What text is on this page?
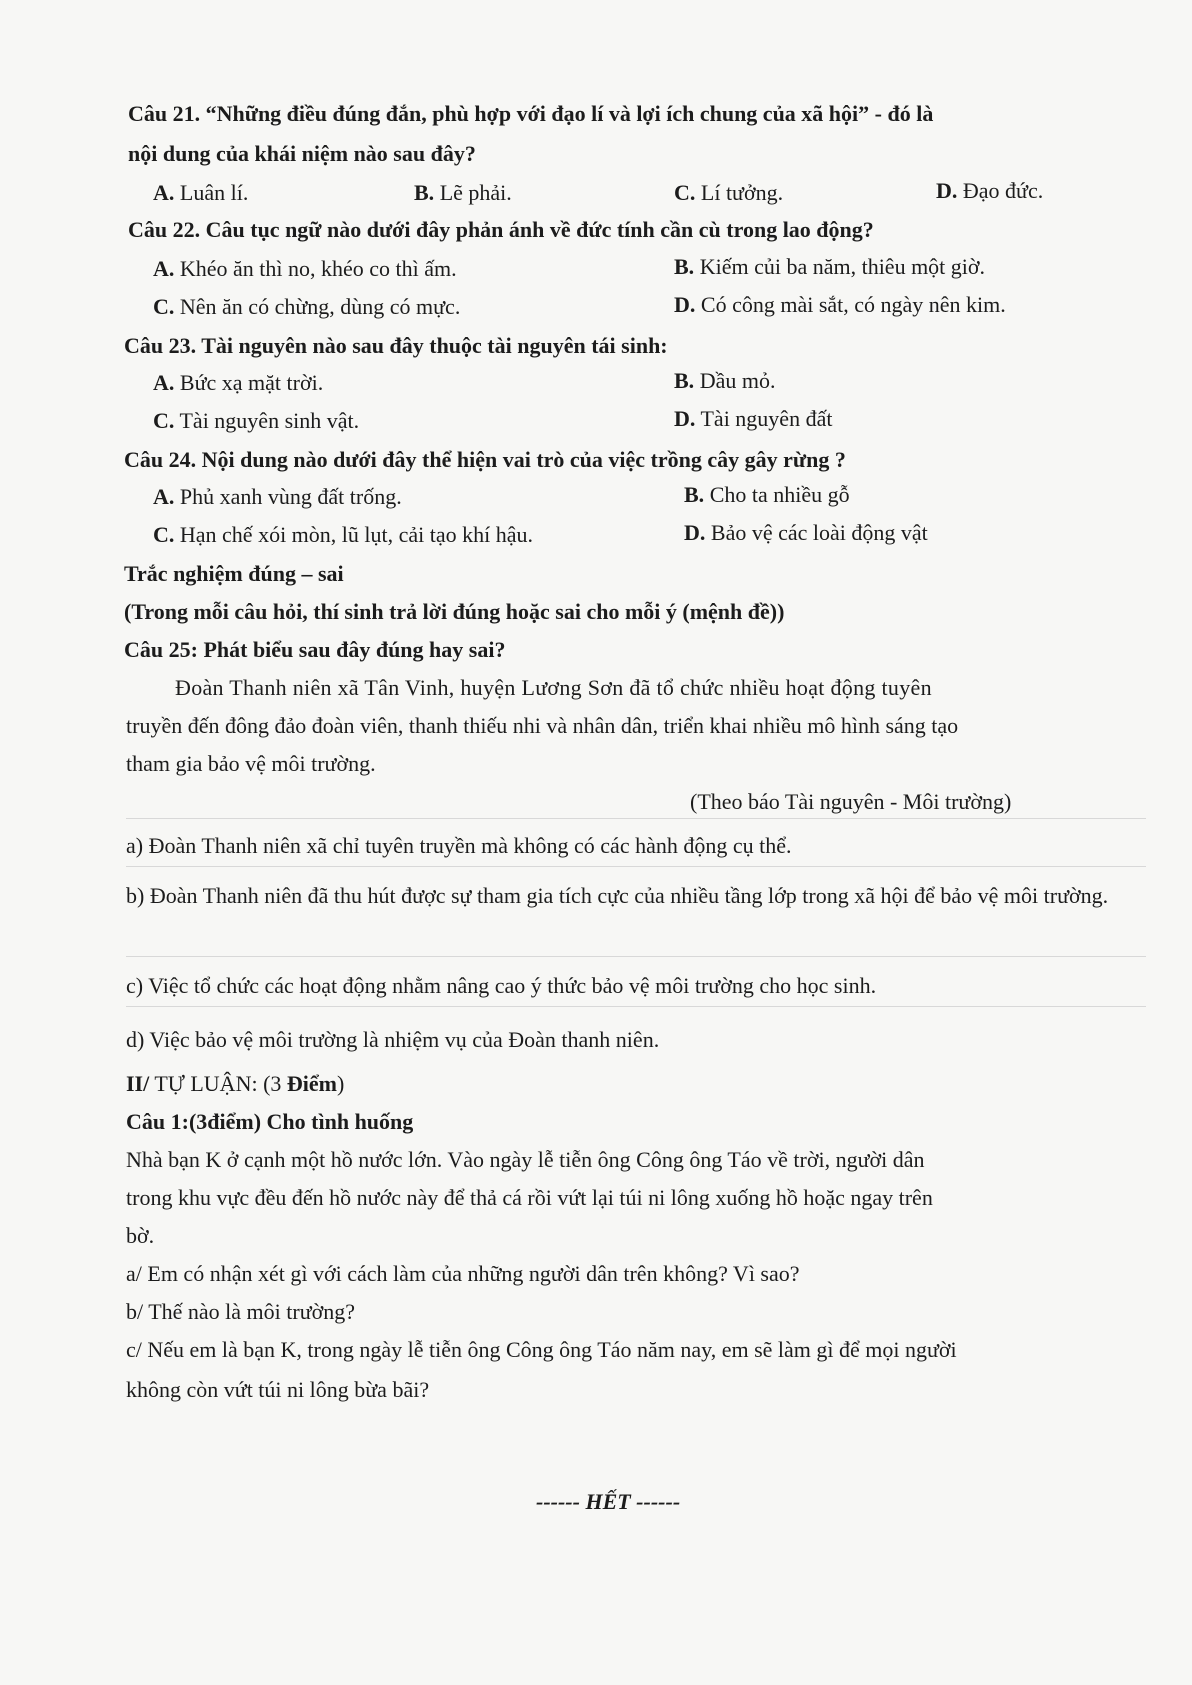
Câu 21. “Những điều đúng đắn, phù hợp với đạo lí và lợi ích chung của xã hội” - đó là
nội dung của khái niệm nào sau đây?
A. Luân lí.	B. Lẽ phải.	C. Lí tưởng.	D. Đạo đức.
Câu 22. Câu tục ngữ nào dưới đây phản ánh về đức tính cần cù trong lao động?
A. Khéo ăn thì no, khéo co thì ấm.	B. Kiếm củi ba năm, thiêu một giờ.
C. Nên ăn có chừng, dùng có mực.	D. Có công mài sắt, có ngày nên kim.
Câu 23. Tài nguyên nào sau đây thuộc tài nguyên tái sinh:
A. Bức xạ mặt trời.	B. Dầu mỏ.
C. Tài nguyên sinh vật.	D. Tài nguyên đất
Câu 24. Nội dung nào dưới đây thể hiện vai trò của việc trồng cây gây rừng ?
A. Phủ xanh vùng đất trống.	B. Cho ta nhiều gỗ
C. Hạn chế xói mòn, lũ lụt, cải tạo khí hậu.	D. Bảo vệ các loài động vật
Trắc nghiệm đúng – sai
(Trong mỗi câu hỏi, thí sinh trả lời đúng hoặc sai cho mỗi ý (mệnh đề))
Câu 25: Phát biểu sau đây đúng hay sai?
Đoàn Thanh niên xã Tân Vinh, huyện Lương Sơn đã tổ chức nhiều hoạt động tuyên
truyền đến đông đảo đoàn viên, thanh thiếu nhi và nhân dân, triển khai nhiều mô hình sáng tạo
tham gia bảo vệ môi trường.
(Theo báo Tài nguyên - Môi trường)
a) Đoàn Thanh niên xã chỉ tuyên truyền mà không có các hành động cụ thể.
b) Đoàn Thanh niên đã thu hút được sự tham gia tích cực của nhiều tầng lớp trong xã hội để bảo vệ môi trường.
c) Việc tổ chức các hoạt động nhằm nâng cao ý thức bảo vệ môi trường cho học sinh.
d) Việc bảo vệ môi trường là nhiệm vụ của Đoàn thanh niên.
II/ TỰ LUẬN: (3 Điểm)
Câu 1:(3điểm) Cho tình huống
Nhà bạn K ở cạnh một hồ nước lớn. Vào ngày lễ tiễn ông Công ông Táo về trời, người dân
trong khu vực đều đến hồ nước này để thả cá rồi vứt lại túi ni lông xuống hồ hoặc ngay trên
bờ.
a/ Em có nhận xét gì với cách làm của những người dân trên không? Vì sao?
b/ Thế nào là môi trường?
c/ Nếu em là bạn K, trong ngày lễ tiễn ông Công ông Táo năm nay, em sẽ làm gì để mọi người
không còn vứt túi ni lông bừa bãi?
------ HẾT ------
